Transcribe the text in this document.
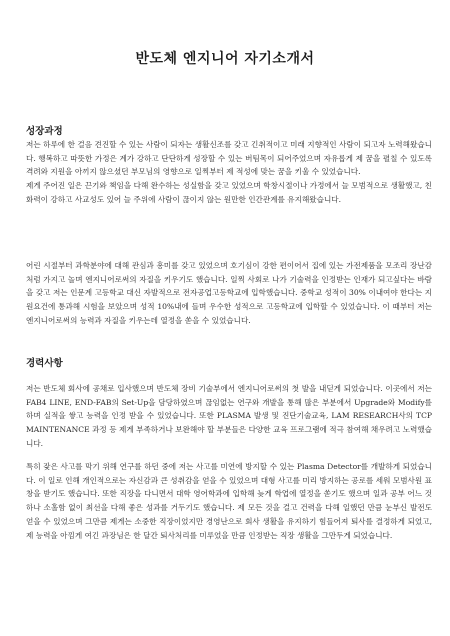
반도체 엔지니어 자기소개서
성장과정

저는 하루에 한 걸음 견진할 수 있는 사람이 되자는 생활신조를 갖고 긴취적이고 미래 지향적인 사람이 되고자 노력해왔습니다. 행복하고 따뜻한 가정은 계가 강하고 단단하게 성장할 수 있는 버팀목이 되어주었으며 자유롭게 제 꿈을 펼칠 수 있도록 격려와 지원을 아끼지 않으셨던 부모님의 영향으로 일찍부터 제 적성에 맞는 꿈을 키울 수 있었습니다.
제게 주어진 일은 끈기와 책임을 다해 완수하는 성실함을 갖고 있었으며 학창시절이나 가정에서 늘 모범적으로 생활했고, 친화력이 강하고 사교성도 있어 늘 주위에 사람이 끊이지 않는 원만한 인간관계를 유지해왔습니다.

어린 시절부터 과학분야에 대해 관심과 흥미를 갖고 있었으며 호기심이 강한 편이어서 집에 있는 가전제품을 모조리 장난감처럼 가지고 놀며 엔지니어로써의 자질을 키우기도 했습니다. 일찍 사회로 나가 기술력을 인정받는 인재가 되고싶다는 바람을 갖고 저는 인문계 고등학교 대신 자발적으로 전자공업고등학교에 입학했습니다. 중학교 성적이 30% 이내여야 한다는 지원요건에 통과해 시험을 보았으며 성적 10%내에 들며 우수한 성적으로 고등학교에 입학할 수 있었습니다. 이 때부터 저는 엔지니어로써의 능력과 자질을 키우는데 열정을 쏟을 수 있었습니다.

경력사항

저는 반도체 회사에 공채로 입사했으며 반도체 장비 기술부에서 엔지니어로써의 첫 발을 내딛게 되었습니다. 이곳에서 저는 FAB4 LINE, END-FAB의 Set-Up을 담당하였으며 끊임없는 연구와 개발을 통해 많은 부분에서 Upgrade와 Modify를 하며 실적을 쌓고 능력을 인정 받을 수 있었습니다. 또한 PLASMA 발생 및 진단기술교육, LAM RESEARCH사의 TCP MAINTENANCE 과정 등 제게 부족하거나 보완해야 할 부분들은 다양한 교육 프로그램에 적극 참여해 채우려고 노력했습니다.

특히 잦은 사고를 막기 위해 연구를 하던 중에 저는 사고를 미연에 방지할 수 있는 Plasma Detector를 개발하게 되었습니다. 이 일로 인해 개인적으로는 자신감과 큰 성취감을 얻을 수 있었으며 대형 사고를 미리 방지하는 공로를 세워 모범사원 표창을 받기도 했습니다. 또한 직장을 다니면서 대학 영어학과에 입학해 늦게 학업에 열정을 쏟기도 했으며 일과 공부 어느 것 하나 소홀함 없이 최선을 다해 좋은 성과를 거두기도 했습니다. 제 모든 것을 걸고 건력을 다해 일했던 만큼 눈부신 발전도 얻을 수 있었으며 그만큼 제게는 소중한 직장이었지만 경영난으로 회사 생활을 유지하기 힘들어져 퇴사를 결정하게 되었고, 제 능력을 아낌게 여긴 과장님은 한 달간 퇴사처리를 미루었을 만큼 인정받는 직장 생활을 그만두게 되었습니다.
